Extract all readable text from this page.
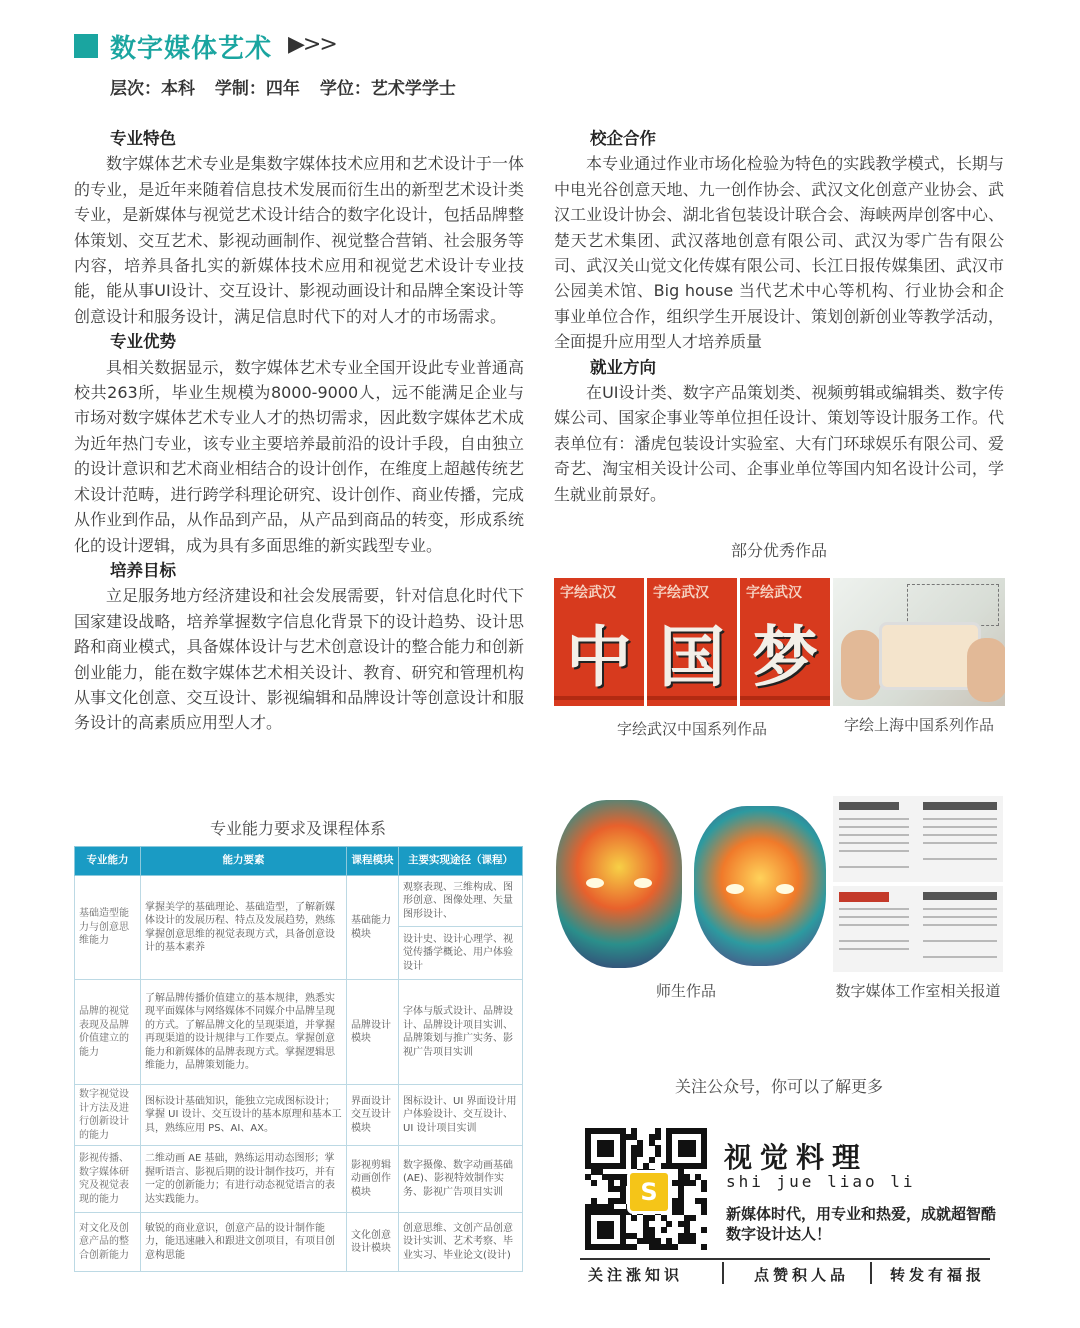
数字媒体艺术 ▶>>
层次：本科 学制：四年 学位：艺术学学士
专业特色

数字媒体艺术专业是集数字媒体技术应用和艺术设计于一体的专业，是近年来随着信息技术发展而衍生出的新型艺术设计类专业，是新媒体与视觉艺术设计结合的数字化设计，包括品牌整体策划、交互艺术、影视动画制作、视觉整合营销、社会服务等内容，培养具备扎实的新媒体技术应用和视觉艺术设计专业技能，能从事UI设计、交互设计、影视动画设计和品牌全案设计等创意设计和服务设计，满足信息时代下的对人才的市场需求。

专业优势

具相关数据显示，数字媒体艺术专业全国开设此专业普通高校共263所，毕业生规模为8000-9000人，远不能满足企业与市场对数字媒体艺术专业人才的热切需求，因此数字媒体艺术成为近年热门专业，该专业主要培养最前沿的设计手段，自由独立的设计意识和艺术商业相结合的设计创作，在维度上超越传统艺术设计范畴，进行跨学科理论研究、设计创作、商业传播，完成从作业到作品，从作品到产品，从产品到商品的转变，形成系统化的设计逻辑，成为具有多面思维的新实践型专业。

培养目标

立足服务地方经济建设和社会发展需要，针对信息化时代下国家建设战略，培养掌握数字信息化背景下的设计趋势、设计思路和商业模式，具备媒体设计与艺术创意设计的整合能力和创新创业能力，能在数字媒体艺术相关设计、教育、研究和管理机构从事文化创意、交互设计、影视编辑和品牌设计等创意设计和服务设计的高素质应用型人才。

校企合作

本专业通过作业市场化检验为特色的实践教学模式，长期与中电光谷创意天地、九一创作协会、武汉文化创意产业协会、武汉工业设计协会、湖北省包装设计联合会、海峡两岸创客中心、楚天艺术集团、武汉落地创意有限公司、武汉为零广告有限公司、武汉关山觉文化传媒有限公司、长江日报传媒集团、武汉市公园美术馆、Big house 当代艺术中心等机构、行业协会和企事业单位合作，组织学生开展设计、策划创新创业等教学活动，全面提升应用型人才培养质量

就业方向

在UI设计类、数字产品策划类、视频剪辑或编辑类、数字传媒公司、国家企事业等单位担任设计、策划等设计服务工作。代表单位有：潘虎包装设计实验室、大有门环球娱乐有限公司、爱奇艺、淘宝相关设计公司、企事业单位等国内知名设计公司，学生就业前景好。

部分优秀作品
字绘武汉
中
字绘武汉
国
字绘武汉
梦
字绘武汉中国系列作品	字绘上海中国系列作品
师生作品	数字媒体工作室相关报道
专业能力要求及课程体系
专业能力	能力要素	课程模块	主要实现途径（课程）
基础造型能力与创意思维能力	掌握美学的基础理论、基础造型，了解新媒体设计的发展历程、特点及发展趋势，熟练掌握创意思维的视觉表现方式，具备创意设计的基本素养	基础能力模块	观察表现、三维构成、图形创意、图像处理、矢量图形设计、
			设计史、设计心理学、视觉传播学概论、用户体验设计
品牌的视觉表现及品牌价值建立的能力	了解品牌传播价值建立的基本规律，熟悉实现平面媒体与网络媒体不同媒介中品牌呈现的方式。了解品牌文化的呈现渠道，并掌握再现渠道的设计规律与工作要点。掌握创意能力和新媒体的品牌表现方式。掌握逻辑思维能力，品牌策划能力。	品牌设计模块	字体与版式设计、品牌设计、品牌设计项目实训、品牌策划与推广实务、影视广告项目实训
数字视觉设计方法及进行创新设计的能力	图标设计基础知识，能独立完成图标设计；掌握 UI 设计、交互设计的基本原理和基本工具，熟练应用 PS、AI、AX。	界面设计交互设计模块	图标设计、UI 界面设计用户体验设计、交互设计、UI 设计项目实训
影视传播、数字媒体研究及视觉表现的能力	二维动画 AE 基础，熟练运用动态图形；掌握听语言、影视后期的设计制作技巧，并有一定的创新能力；有进行动态视觉语言的表达实践能力。	影视剪辑动画创作模块	数字摄像、数字动画基础(AE)、影视特效制作实务、影视广告项目实训
对文化及创意产品的整合创新能力	敏锐的商业意识，创意产品的设计制作能力，能迅速融入和跟进文创项目，有项目创意构思能	文化创意设计模块	创意思维、文创产品创意设计实训、艺术考察、毕业实习、毕业论文(设计)
关注公众号，你可以了解更多
S
视觉料理
shi jue liao li
新媒体时代，用专业和热爱，成就超智酷数字设计达人！
关注涨知识	点赞积人品	转发有福报
